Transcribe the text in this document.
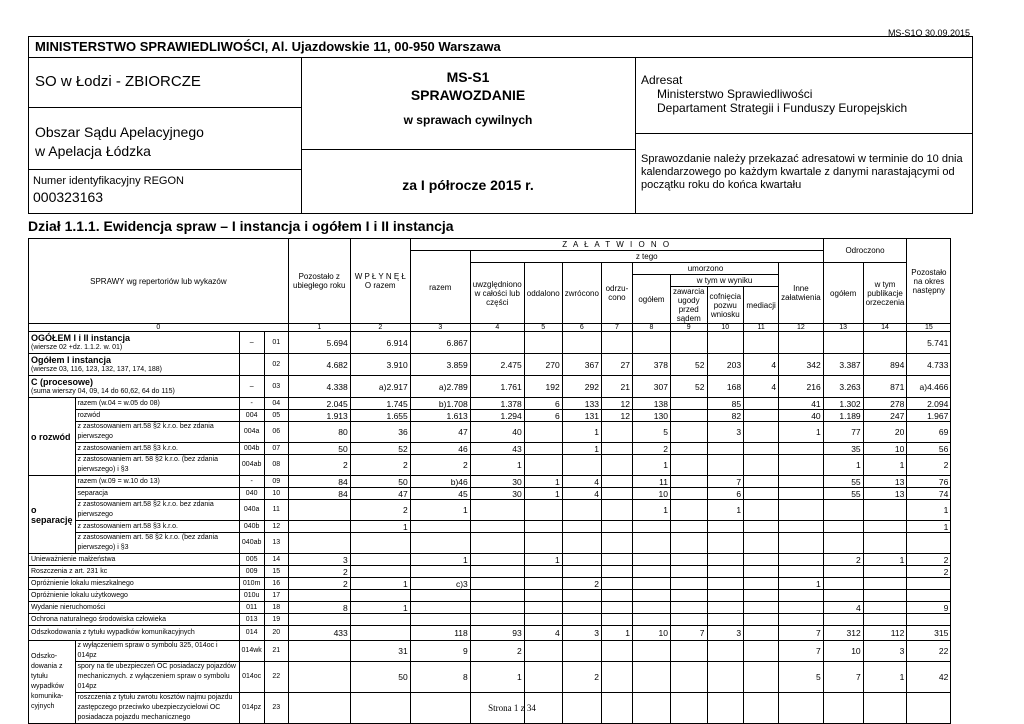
MS-S1O 30.09.2015
MINISTERSTWO SPRAWIEDLIWOŚCI, Al. Ujazdowskie 11, 00-950 Warszawa
SO w Łodzi - ZBIORCZE
Obszar Sądu Apelacyjnego
w Apelacja Łódzka
Numer identyfikacyjny REGON
000323163
MS-S1
SPRAWOZDANIE
w sprawach cywilnych
za I półrocze 2015 r.
Adresat
Ministerstwo Sprawiedliwości
Departament Strategii i Funduszy Europejskich
Sprawozdanie należy przekazać adresatowi w terminie do 10 dnia kalendarzowego po każdym kwartale z danymi narastającymi od początku roku do końca kwartału
Dział 1.1.1. Ewidencja spraw – I instancja i ogółem I i II instancja
SPRAWY wg repertoriów lub wykazów				Pozostało z ubiegłego roku	W P Ł Y N Ę Ł O razem	Z A Ł A T W I O N O										Odroczono		Pozostało na okres następny
						razem	z tego											
							uwzględniono w całości lub części	oddalono	zwrócono	odrzu-cono	umorzono				Inne załatwienia	ogółem	w tym publikacje orzeczenia	
											ogółem	w tym w wyniku						
												zawarcia ugody przed sądem	cofnięcia pozwu wniosku	mediacji				

0				1	2	3	4	5	6	7	8	9	10	11	12	13	14	15

OGÓŁEM I i II instancja
(wiersze 02 +dz. 1.1.2. w. 01)		–	01	5.694	6.914	6.867												5.741

Ogółem I instancja
(wiersze 03, 116, 123, 132, 137, 174, 188)			02	4.682	3.910	3.859	2.475	270	367	27	378	52	203	4	342	3.387	894	4.733

C (procesowe)
(suma wierszy 04, 09, 14 do 60,62, 64 do 115)		–	03	4.338	a)2.917	a)2.789	1.761	192	292	21	307	52	168	4	216	3.263	871	a)4.466
o rozwód	razem (w.04 = w.05 do 08)	-	04	2.045	1.745	b)1.708	1.378	6	133	12	138		85		41	1.302	278	2.094
	rozwód	004	05	1.913	1.655	1.613	1.294	6	131	12	130		82		40	1.189	247	1.967
	z zastosowaniem art.58 §2 k.r.o. bez zdania pierwszego	004a	06	80	36	47	40		1		5		3		1	77	20	69
	z zastosowaniem art.58 §3 k.r.o.	004b	07	50	52	46	43		1		2					35	10	56
	z zastosowaniem art. 58 §2 k.r.o. (bez zdania pierwszego) i §3	004ab	08	2	2	2	1				1					1	1	2
o separację	razem (w.09 = w.10 do 13)	-	09	84	50	b)46	30	1	4		11		7			55	13	76
	separacja	040	10	84	47	45	30	1	4		10		6			55	13	74
	z zastosowaniem art.58 §2 k.r.o. bez zdania pierwszego	040a	11		2	1					1		1					1
	z zastosowaniem art.58 §3 k.r.o.	040b	12		1													1
	z zastosowaniem art. 58 §2 k.r.o. (bez zdania pierwszego) i §3	040ab	13															
Unieważnienie małżeństwa		005	14	3		1		1								2	1	2
Roszczenia z art. 231 kc		009	15	2														2
Opróżnienie lokalu mieszkalnego		010m	16	2	1	c)3			2						1			
Opróżnienie lokalu użytkowego		010u	17															
Wydanie nieruchomości		011	18	8	1											4		9
Ochrona naturalnego środowiska człowieka		013	19															
Odszkodowania z tytułu wypadków komunikacyjnych		014	20	433		118	93	4	3	1	10	7	3		7	312	112	315
Odszko-dowania z tytułu wypadków komunika-cyjnych	z wyłączeniem spraw o symbolu 325, 014oc i 014pz	014wk	21		31	9	2								7	10	3	22
	spory na tle ubezpieczeń OC posiadaczy pojazdów mechanicznych. z wyłączeniem spraw o symbolu 014pz	014oc	22		50	8	1		2						5	7	1	42
	roszczenia z tytułu zwrotu kosztów najmu pojazdu zastępczego przeciwko ubezpieczycielowi OC posiadacza pojazdu mechanicznego	014pz	23																Strona 1 z 34
